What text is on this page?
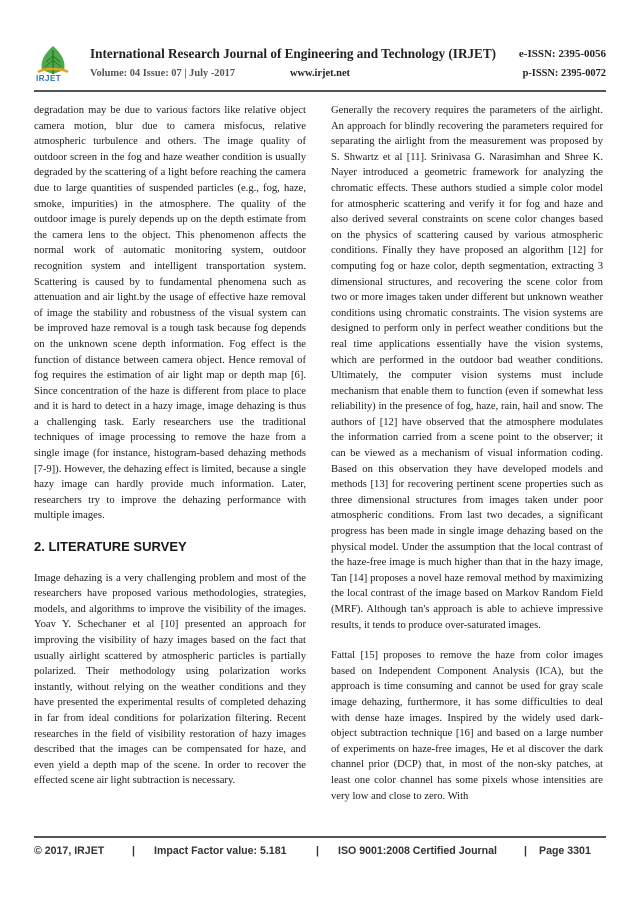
IRJET
International Research Journal of Engineering and Technology (IRJET) e-ISSN: 2395-0056
Volume: 04 Issue: 07 | July -2017	www.irjet.net	p-ISSN: 2395-0072

degradation may be due to various factors like relative object camera motion, blur due to camera misfocus, relative atmospheric turbulence and others. The image quality of outdoor screen in the fog and haze weather condition is usually degraded by the scattering of a light before reaching the camera due to large quantities of suspended particles (e.g., fog, haze, smoke, impurities) in the atmosphere. The quality of the outdoor image is purely depends up on the depth estimate from the camera lens to the object. This phenomenon affects the normal work of automatic monitoring system, outdoor recognition system and intelligent transportation system. Scattering is caused by to fundamental phenomena such as attenuation and air light.by the usage of effective haze removal of image the stability and robustness of the visual system can be improved haze removal is a tough task because fog depends on the unknown scene depth information. Fog effect is the function of distance between camera object. Hence removal of fog requires the estimation of air light map or depth map [6]. Since concentration of the haze is different from place to place and it is hard to detect in a hazy image, image dehazing is thus a challenging task. Early researchers use the traditional techniques of image processing to remove the haze from a single image (for instance, histogram-based dehazing methods [7-9]). However, the dehazing effect is limited, because a single hazy image can hardly provide much information. Later, researchers try to improve the dehazing performance with multiple images.

2. LITERATURE SURVEY

Image dehazing is a very challenging problem and most of the researchers have proposed various methodologies, strategies, models, and algorithms to improve the visibility of the images. Yoav Y. Schechaner et al [10] presented an approach for improving the visibility of hazy images based on the fact that usually airlight scattered by atmospheric particles is partially polarized. Their methodology using polarization works instantly, without relying on the weather conditions and they have presented the experimental results of completed dehazing in far from ideal conditions for polarization filtering. Recent researches in the field of visibility restoration of hazy images described that the images can be compensated for haze, and even yield a depth map of the scene. In order to recover the effected scene air light subtraction is necessary.

Generally the recovery requires the parameters of the airlight. An approach for blindly recovering the parameters required for separating the airlight from the measurement was proposed by S. Shwartz et al [11]. Srinivasa G. Narasimhan and Shree K. Nayer introduced a geometric framework for analyzing the chromatic effects. These authors studied a simple color model for atmospheric scattering and verify it for fog and haze and also derived several constraints on scene color changes based on the physics of scattering caused by various atmospheric conditions. Finally they have proposed an algorithm [12] for computing fog or haze color, depth segmentation, extracting 3 dimensional structures, and recovering the scene color from two or more images taken under different but unknown weather conditions using chromatic constraints. The vision systems are designed to perform only in perfect weather conditions but the real time applications essentially have the vision systems, which are performed in the outdoor bad weather conditions. Ultimately, the computer vision systems must include mechanism that enable them to function (even if somewhat less reliability) in the presence of fog, haze, rain, hail and snow. The authors of [12] have observed that the atmosphere modulates the information carried from a scene point to the observer; it can be viewed as a mechanism of visual information coding. Based on this observation they have developed models and methods [13] for recovering pertinent scene properties such as three dimensional structures from images taken under poor atmospheric conditions. From last two decades, a significant progress has been made in single image dehazing based on the physical model. Under the assumption that the local contrast of the haze-free image is much higher than that in the hazy image, Tan [14] proposes a novel haze removal method by maximizing the local contrast of the image based on Markov Random Field (MRF). Although tan's approach is able to achieve impressive results, it tends to produce over-saturated images.

Fattal [15] proposes to remove the haze from color images based on Independent Component Analysis (ICA), but the approach is time consuming and cannot be used for gray scale image dehazing, furthermore, it has some difficulties to deal with dense haze images. Inspired by the widely used dark-object subtraction technique [16] and based on a large number of experiments on haze-free images, He et al discover the dark channel prior (DCP) that, in most of the non-sky patches, at least one color channel has some pixels whose intensities are very low and close to zero. With

© 2017, IRJET	| Impact Factor value: 5.181	| ISO 9001:2008 Certified Journal	| Page 3301
